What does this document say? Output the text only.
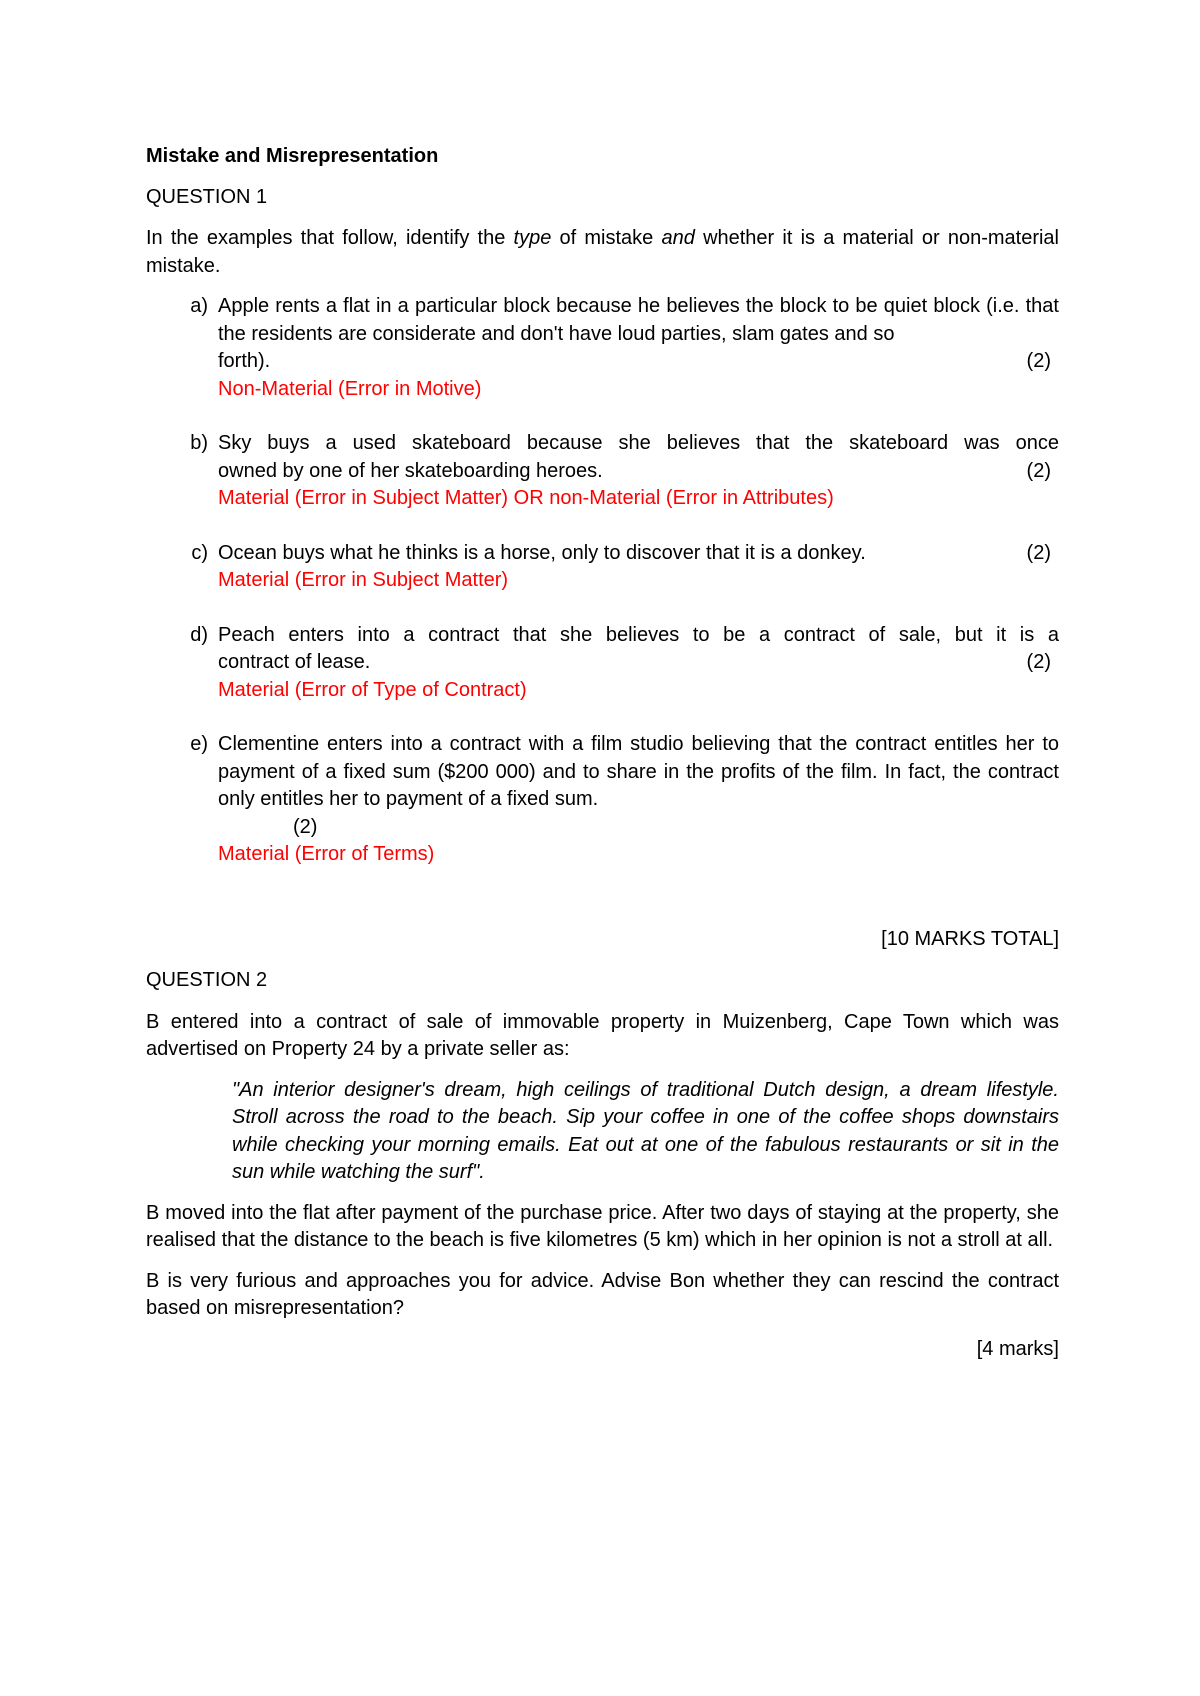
Mistake and Misrepresentation

QUESTION 1

In the examples that follow, identify the type of mistake and whether it is a material or non-material mistake.

a) Apple rents a flat in a particular block because he believes the block to be quiet block (i.e. that the residents are considerate and don't have loud parties, slam gates and so

forth).	(2)

Non-Material (Error in Motive)

b) Sky buys a used skateboard because she believes that the skateboard was once

owned by one of her skateboarding heroes.	(2)

Material (Error in Subject Matter) OR non-Material (Error in Attributes)

c) Ocean buys what he thinks is a horse, only to discover that it is a donkey.	(2)

Material (Error in Subject Matter)

d) Peach enters into a contract that she believes to be a contract of sale, but it is a

contract of lease.	(2)

Material (Error of Type of Contract)

e) Clementine enters into a contract with a film studio believing that the contract entitles her to payment of a fixed sum ($200 000) and to share in the profits of the film. In fact, the contract only entitles her to payment of a fixed sum.

(2)

Material (Error of Terms)

[10 MARKS TOTAL]

QUESTION 2

B entered into a contract of sale of immovable property in Muizenberg, Cape Town which was advertised on Property 24 by a private seller as:

"An interior designer's dream, high ceilings of traditional Dutch design, a dream lifestyle. Stroll across the road to the beach. Sip your coffee in one of the coffee shops downstairs while checking your morning emails. Eat out at one of the fabulous restaurants or sit in the sun while watching the surf".

B moved into the flat after payment of the purchase price. After two days of staying at the property, she realised that the distance to the beach is five kilometres (5 km) which in her opinion is not a stroll at all.

B is very furious and approaches you for advice. Advise Bon whether they can rescind the contract based on misrepresentation?

[4 marks]
